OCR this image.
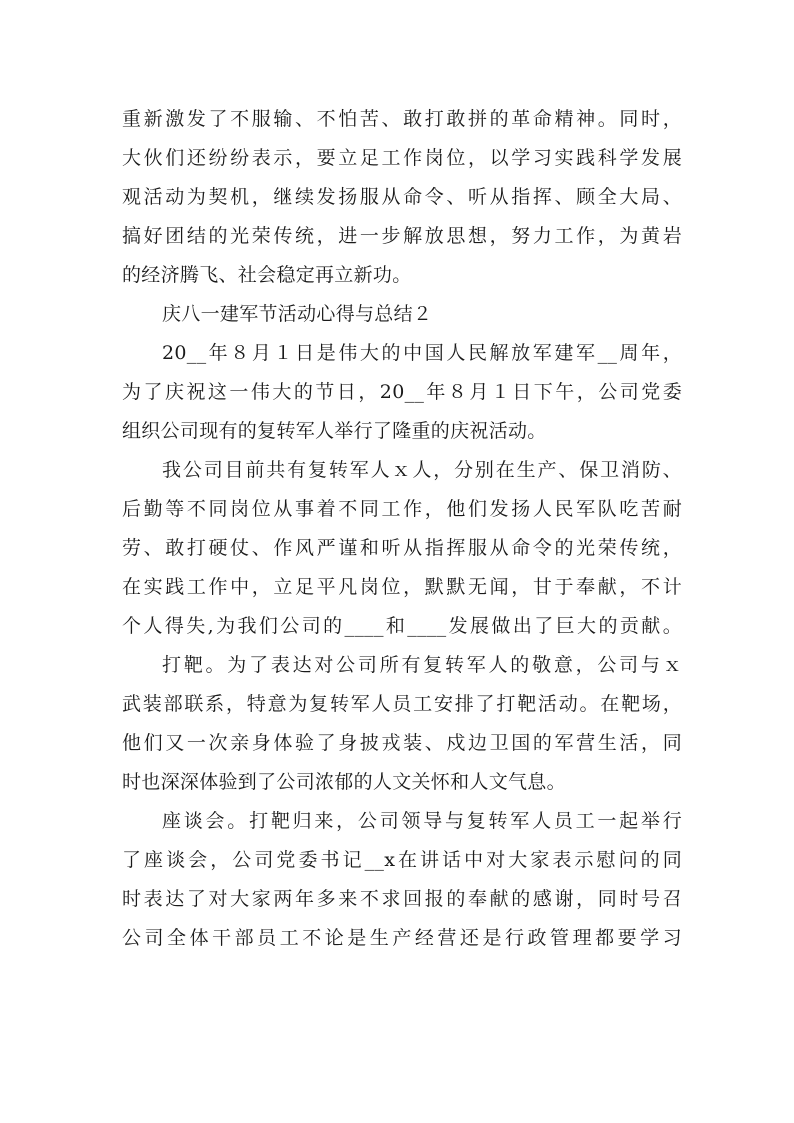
重新激发了不服输、不怕苦、敢打敢拼的革命精神。同时，
大伙们还纷纷表示，要立足工作岗位，以学习实践科学发展
观活动为契机，继续发扬服从命令、听从指挥、顾全大局、
搞好团结的光荣传统，进一步解放思想，努力工作，为黄岩
的经济腾飞、社会稳定再立新功。
庆八一建军节活动心得与总结２
20__年８月１日是伟大的中国人民解放军建军__周年，
为了庆祝这一伟大的节日，20__年８月１日下午，公司党委
组织公司现有的复转军人举行了隆重的庆祝活动。
我公司目前共有复转军人ｘ人，分别在生产、保卫消防、
后勤等不同岗位从事着不同工作，他们发扬人民军队吃苦耐
劳、敢打硬仗、作风严谨和听从指挥服从命令的光荣传统，
在实践工作中，立足平凡岗位，默默无闻，甘于奉献，不计
个人得失,为我们公司的____和____发展做出了巨大的贡献。
打靶。为了表达对公司所有复转军人的敬意，公司与ｘ
武装部联系，特意为复转军人员工安排了打靶活动。在靶场，
他们又一次亲身体验了身披戎装、戍边卫国的军营生活，同
时也深深体验到了公司浓郁的人文关怀和人文气息。
座谈会。打靶归来，公司领导与复转军人员工一起举行
了座谈会，公司党委书记__x在讲话中对大家表示慰问的同
时表达了对大家两年多来不求回报的奉献的感谢，同时号召
公司全体干部员工不论是生产经营还是行政管理都要学习
